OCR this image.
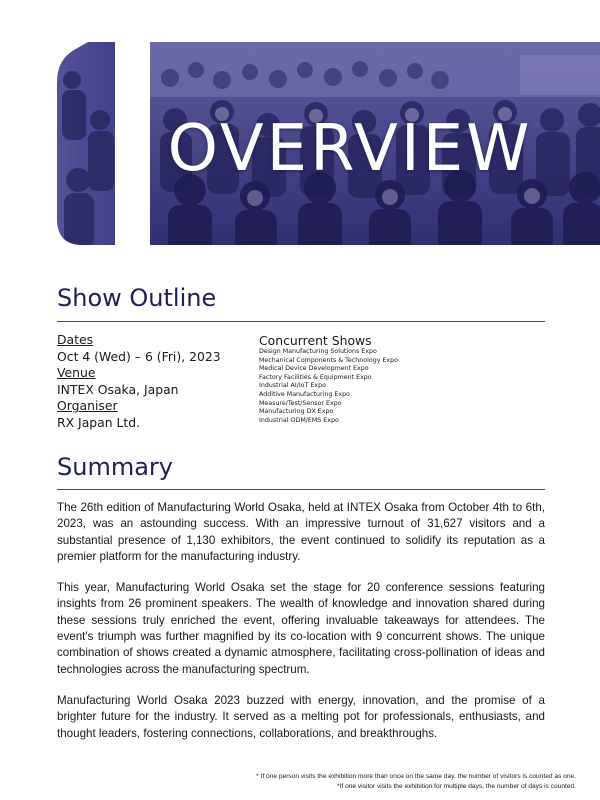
OVERVIEW
Show Outline
Dates
Oct 4 (Wed) – 6 (Fri), 2023
Venue
INTEX Osaka, Japan
Organiser
RX Japan Ltd.
Concurrent Shows
Design Manufacturing Solutions Expo
Mechanical Components & Technology Expo
Medical Device Development Expo
Factory Facilities & Equipment Expo
Industrial AI/IoT Expo
Additive Manufacturing Expo
Measure/Test/Sensor Expo
Manufacturing DX Expo
Industrial ODM/EMS Expo
Summary

The 26th edition of Manufacturing World Osaka, held at INTEX Osaka from October 4th to 6th, 2023, was an astounding success. With an impressive turnout of 31,627 visitors and a substantial presence of 1,130 exhibitors, the event continued to solidify its reputation as a premier platform for the manufacturing industry.

This year, Manufacturing World Osaka set the stage for 20 conference sessions featuring insights from 26 prominent speakers. The wealth of knowledge and innovation shared during these sessions truly enriched the event, offering invaluable takeaways for attendees. The event's triumph was further magnified by its co-location with 9 concurrent shows. The unique combination of shows created a dynamic atmosphere, facilitating cross-pollination of ideas and technologies across the manufacturing spectrum.

Manufacturing World Osaka 2023 buzzed with energy, innovation, and the promise of a brighter future for the industry. It served as a melting pot for professionals, enthusiasts, and thought leaders, fostering connections, collaborations, and breakthroughs.

* If one person visits the exhibition more than once on the same day, the number of visitors is counted as one.
*If one visitor visits the exhibition for multiple days, the number of days is counted.
